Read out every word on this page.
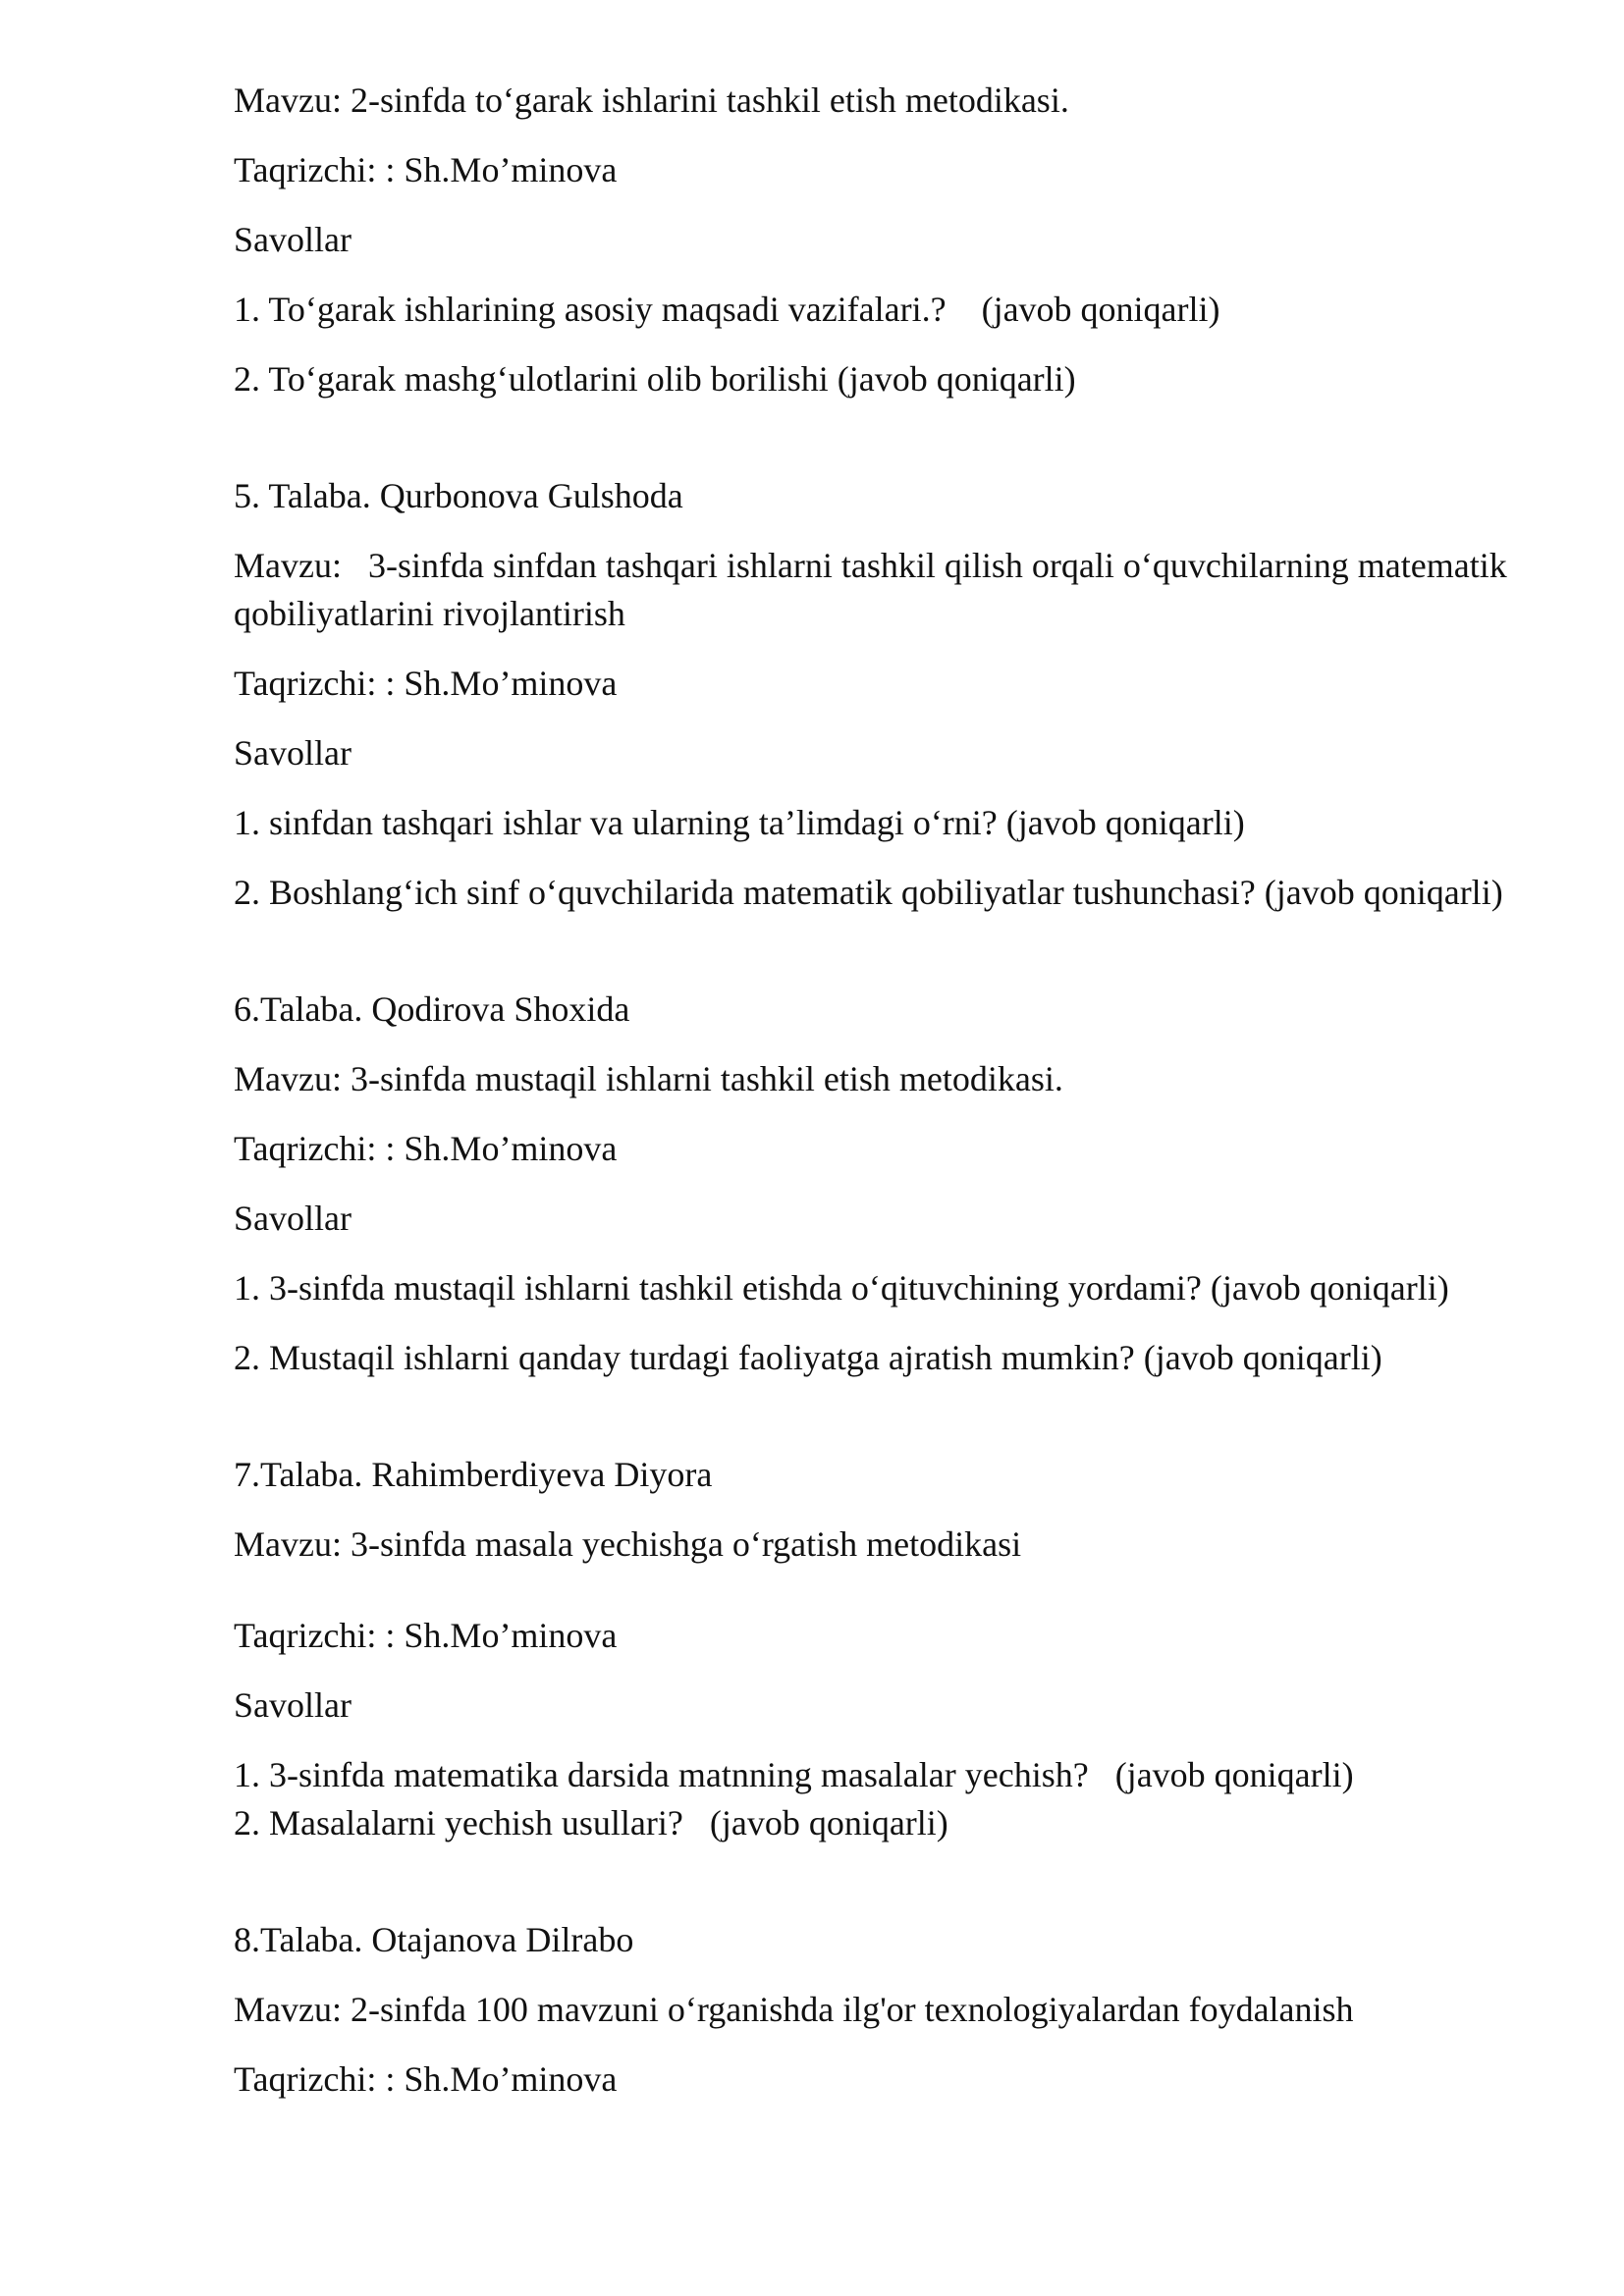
Mavzu: 2-sinfda to‘garak ishlarini tashkil etish metodikasi.

Taqrizchi: : Sh.Mo’minova

Savollar

1. To‘garak ishlarining asosiy maqsadi vazifalari.?    (javob qoniqarli)

2. To‘garak mashg‘ulotlarini olib borilishi (javob qoniqarli)

5. Talaba. Qurbonova Gulshoda

Mavzu:   3-sinfda sinfdan tashqari ishlarni tashkil qilish orqali o‘quvchilarning matematik qobiliyatlarini rivojlantirish

Taqrizchi: : Sh.Mo’minova

Savollar

1. sinfdan tashqari ishlar va ularning ta’limdagi o‘rni? (javob qoniqarli)

2. Boshlang‘ich sinf o‘quvchilarida matematik qobiliyatlar tushunchasi? (javob qoniqarli)

6.Talaba. Qodirova Shoxida

Mavzu: 3-sinfda mustaqil ishlarni tashkil etish metodikasi.

Taqrizchi: : Sh.Mo’minova

Savollar

1. 3-sinfda mustaqil ishlarni tashkil etishda o‘qituvchining yordami? (javob qoniqarli)

2. Mustaqil ishlarni qanday turdagi faoliyatga ajratish mumkin? (javob qoniqarli)

7.Talaba. Rahimberdiyeva Diyora

Mavzu: 3-sinfda masala yechishga o‘rgatish metodikasi

Taqrizchi: : Sh.Mo’minova

Savollar

1. 3-sinfda matematika darsida matnning masalalar yechish?   (javob qoniqarli)

2. Masalalarni yechish usullari?   (javob qoniqarli)

8.Talaba. Otajanova Dilrabo

Mavzu: 2-sinfda 100 mavzuni o‘rganishda ilg'or texnologiyalardan foydalanish

Taqrizchi: : Sh.Mo’minova
